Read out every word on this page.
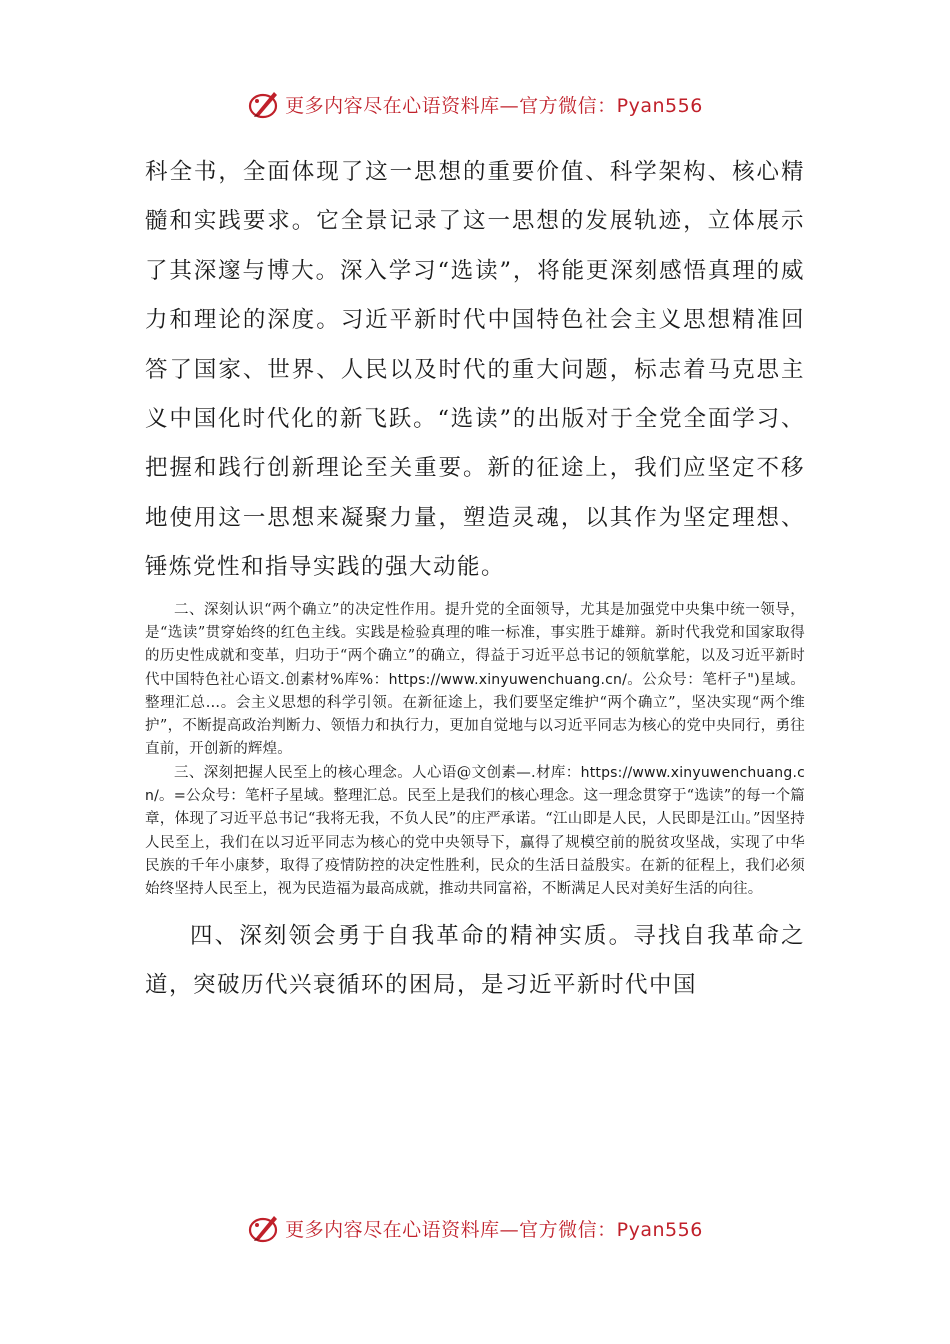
更多内容尽在心语资料库—官方微信：Pyan556

科全书，全面体现了这一思想的重要价值、科学架构、核心精髓和实践要求。它全景记录了这一思想的发展轨迹，立体展示了其深邃与博大。深入学习“选读”，将能更深刻感悟真理的威力和理论的深度。习近平新时代中国特色社会主义思想精准回答了国家、世界、人民以及时代的重大问题，标志着马克思主义中国化时代化的新飞跃。“选读”的出版对于全党全面学习、把握和践行创新理论至关重要。新的征途上，我们应坚定不移地使用这一思想来凝聚力量，塑造灵魂，以其作为坚定理想、锤炼党性和指导实践的强大动能。

二、深刻认识“两个确立”的决定性作用。提升党的全面领导，尤其是加强党中央集中统一领导，是“选读”贯穿始终的红色主线。实践是检验真理的唯一标准，事实胜于雄辩。新时代我党和国家取得的历史性成就和变革，归功于“两个确立”的确立，得益于习近平总书记的领航掌舵，以及习近平新时代中国特色社心语文.创素材%库%：https://www.xinyuwenchuang.cn/。公众号：笔杆子")星域。整理汇总…。会主义思想的科学引领。在新征途上，我们要坚定维护“两个确立”，坚决实现“两个维护”，不断提高政治判断力、领悟力和执行力，更加自觉地与以习近平同志为核心的党中央同行，勇往直前，开创新的辉煌。

三、深刻把握人民至上的核心理念。人心语@文创素—.材库：https://www.xinyuwenchuang.cn/。=公众号：笔杆子星域。整理汇总。民至上是我们的核心理念。这一理念贯穿于“选读”的每一个篇章，体现了习近平总书记“我将无我，不负人民”的庄严承诺。“江山即是人民，人民即是江山。”因坚持人民至上，我们在以习近平同志为核心的党中央领导下，赢得了规模空前的脱贫攻坚战，实现了中华民族的千年小康梦，取得了疫情防控的决定性胜利，民众的生活日益殷实。在新的征程上，我们必须始终坚持人民至上，视为民造福为最高成就，推动共同富裕，不断满足人民对美好生活的向往。

四、深刻领会勇于自我革命的精神实质。寻找自我革命之道，突破历代兴衰循环的困局，是习近平新时代中国

更多内容尽在心语资料库—官方微信：Pyan556
